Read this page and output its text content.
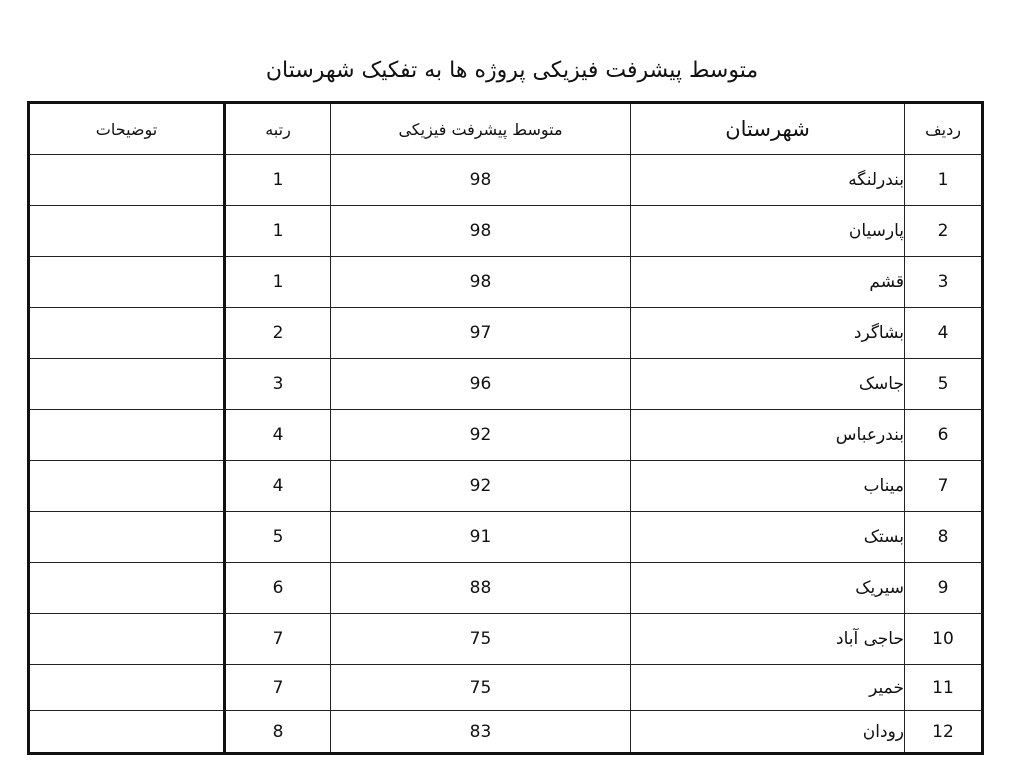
متوسط پیشرفت فیزیکی پروژه ها به تفکیک شهرستان
ردیف	شهرستان	متوسط پیشرفت فیزیکی	رتبه	توضیحات
1	بندرلنگه	98	1	
2	پارسیان	98	1	
3	قشم	98	1	
4	بشاگرد	97	2	
5	جاسک	96	3	
6	بندرعباس	92	4	
7	میناب	92	4	
8	بستک	91	5	
9	سیریک	88	6	
10	حاجی آباد	75	7	
11	خمیر	75	7	
12	رودان	83	8	
